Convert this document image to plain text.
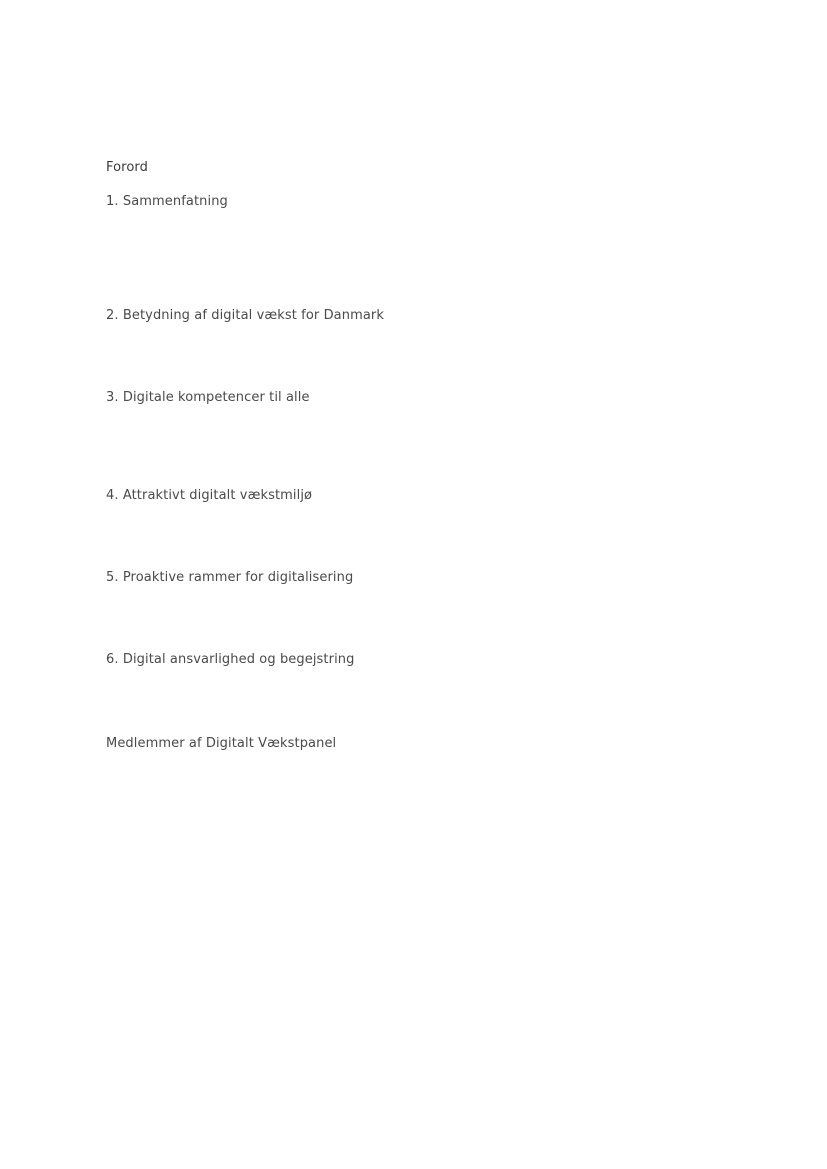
Forord
1. Sammenfatning
2. Betydning af digital vækst for Danmark
3. Digitale kompetencer til alle
4. Attraktivt digitalt vækstmiljø
5. Proaktive rammer for digitalisering
6. Digital ansvarlighed og begejstring
Medlemmer af Digitalt Vækstpanel
